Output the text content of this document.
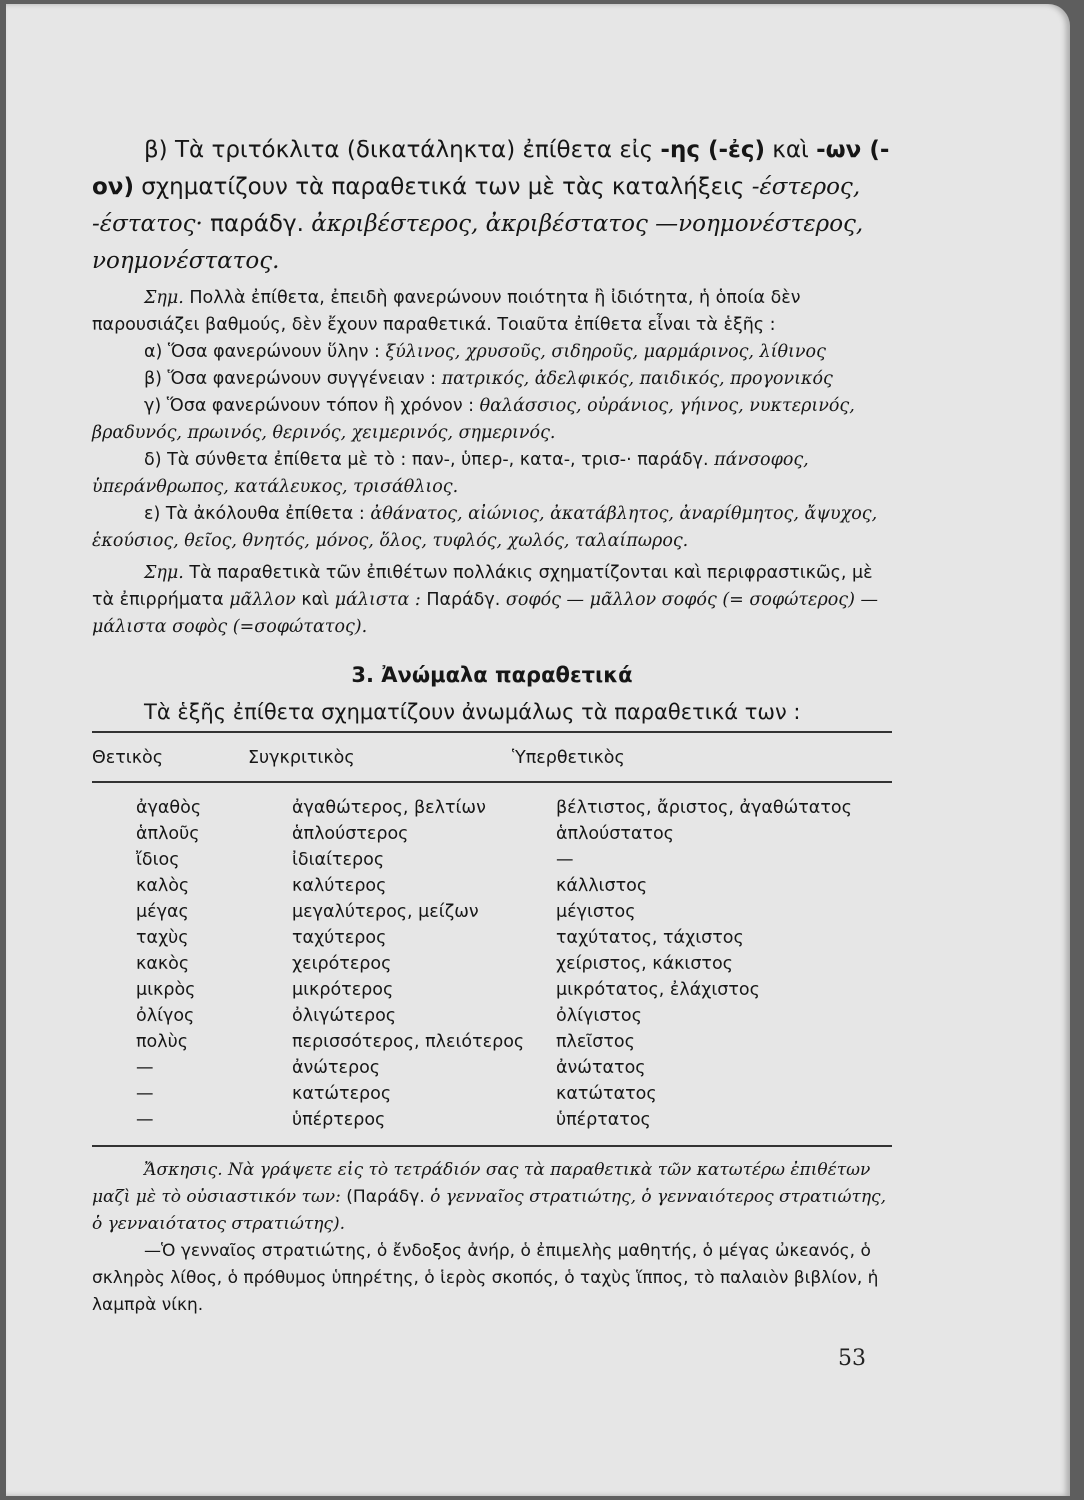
β) Τὰ τριτόκλιτα (δικατάληκτα) ἐπίθετα εἰς -ης (-ἐς) καὶ -ων (-ον) σχηματίζουν τὰ παραθετικά των μὲ τὰς καταλήξεις -έστερος, -έστατος· παράδγ. ἀκριβέστερος, ἀκριβέστατος —νοημονέστερος, νοημονέστατος.

Σημ. Πολλὰ ἐπίθετα, ἐπειδὴ φανερώνουν ποιότητα ἢ ἰδιότητα, ἡ ὁποία δὲν παρουσιάζει βαθμούς, δὲν ἔχουν παραθετικά. Τοιαῦτα ἐπίθετα εἶναι τὰ ἑξῆς :

α) Ὅσα φανερώνουν ὕλην : ξύλινος, χρυσοῦς, σιδηροῦς, μαρμάρινος, λίθινος

β) Ὅσα φανερώνουν συγγένειαν : πατρικός, ἀδελφικός, παιδικός, προγονικός

γ) Ὅσα φανερώνουν τόπον ἢ χρόνον : θαλάσσιος, οὐράνιος, γήινος, νυκτερινός, βραδυνός, πρωινός, θερινός, χειμερινός, σημερινός.

δ) Τὰ σύνθετα ἐπίθετα μὲ τὸ : παν-, ὑπερ-, κατα-, τρισ-· παράδγ. πάνσοφος, ὑπεράνθρωπος, κατάλευκος, τρισάθλιος.

ε) Τὰ ἀκόλουθα ἐπίθετα : ἀθάνατος, αἰώνιος, ἀκατάβλητος, ἀναρίθμητος, ἄψυχος, ἑκούσιος, θεῖος, θνητός, μόνος, ὅλος, τυφλός, χωλός, ταλαίπωρος.

Σημ. Τὰ παραθετικὰ τῶν ἐπιθέτων πολλάκις σχηματίζονται καὶ περιφραστικῶς, μὲ τὰ ἐπιρρήματα μᾶλλον καὶ μάλιστα : Παράδγ. σοφός — μᾶλλον σοφός (= σοφώτερος) — μάλιστα σοφὸς (=σοφώτατος).

3. Ἀνώμαλα παραθετικά

Τὰ ἑξῆς ἐπίθετα σχηματίζουν ἀνωμάλως τὰ παραθετικά των :

Θετικὸς	Συγκριτικὸς	Ὑπερθετικὸς
ἀγαθὸς	ἀγαθώτερος, βελτίων	βέλτιστος, ἄριστος, ἀγαθώτατος
ἁπλοῦς	ἁπλούστερος	ἁπλούστατος
ἴδιος	ἰδιαίτερος	—
καλὸς	καλύτερος	κάλλιστος
μέγας	μεγαλύτερος, μείζων	μέγιστος
ταχὺς	ταχύτερος	ταχύτατος, τάχιστος
κακὸς	χειρότερος	χείριστος, κάκιστος
μικρὸς	μικρότερος	μικρότατος, ἐλάχιστος
ὀλίγος	ὀλιγώτερος	ὀλίγιστος
πολὺς	περισσότερος, πλειότερος	πλεῖστος
—	ἀνώτερος	ἀνώτατος
—	κατώτερος	κατώτατος
—	ὑπέρτερος	ὑπέρτατος

Ἄσκησις. Νὰ γράψετε εἰς τὸ τετράδιόν σας τὰ παραθετικὰ τῶν κατωτέρω ἐπιθέτων μαζὶ μὲ τὸ οὐσιαστικόν των: (Παράδγ. ὁ γενναῖος στρατιώτης, ὁ γενναιότερος στρατιώτης, ὁ γενναιότατος στρατιώτης).

—Ὁ γενναῖος στρατιώτης, ὁ ἔνδοξος ἀνήρ, ὁ ἐπιμελὴς μαθητής, ὁ μέγας ὠκεανός, ὁ σκληρὸς λίθος, ὁ πρόθυμος ὑπηρέτης, ὁ ἱερὸς σκοπός, ὁ ταχὺς ἵππος, τὸ παλαιὸν βιβλίον, ἡ λαμπρὰ νίκη.

53
